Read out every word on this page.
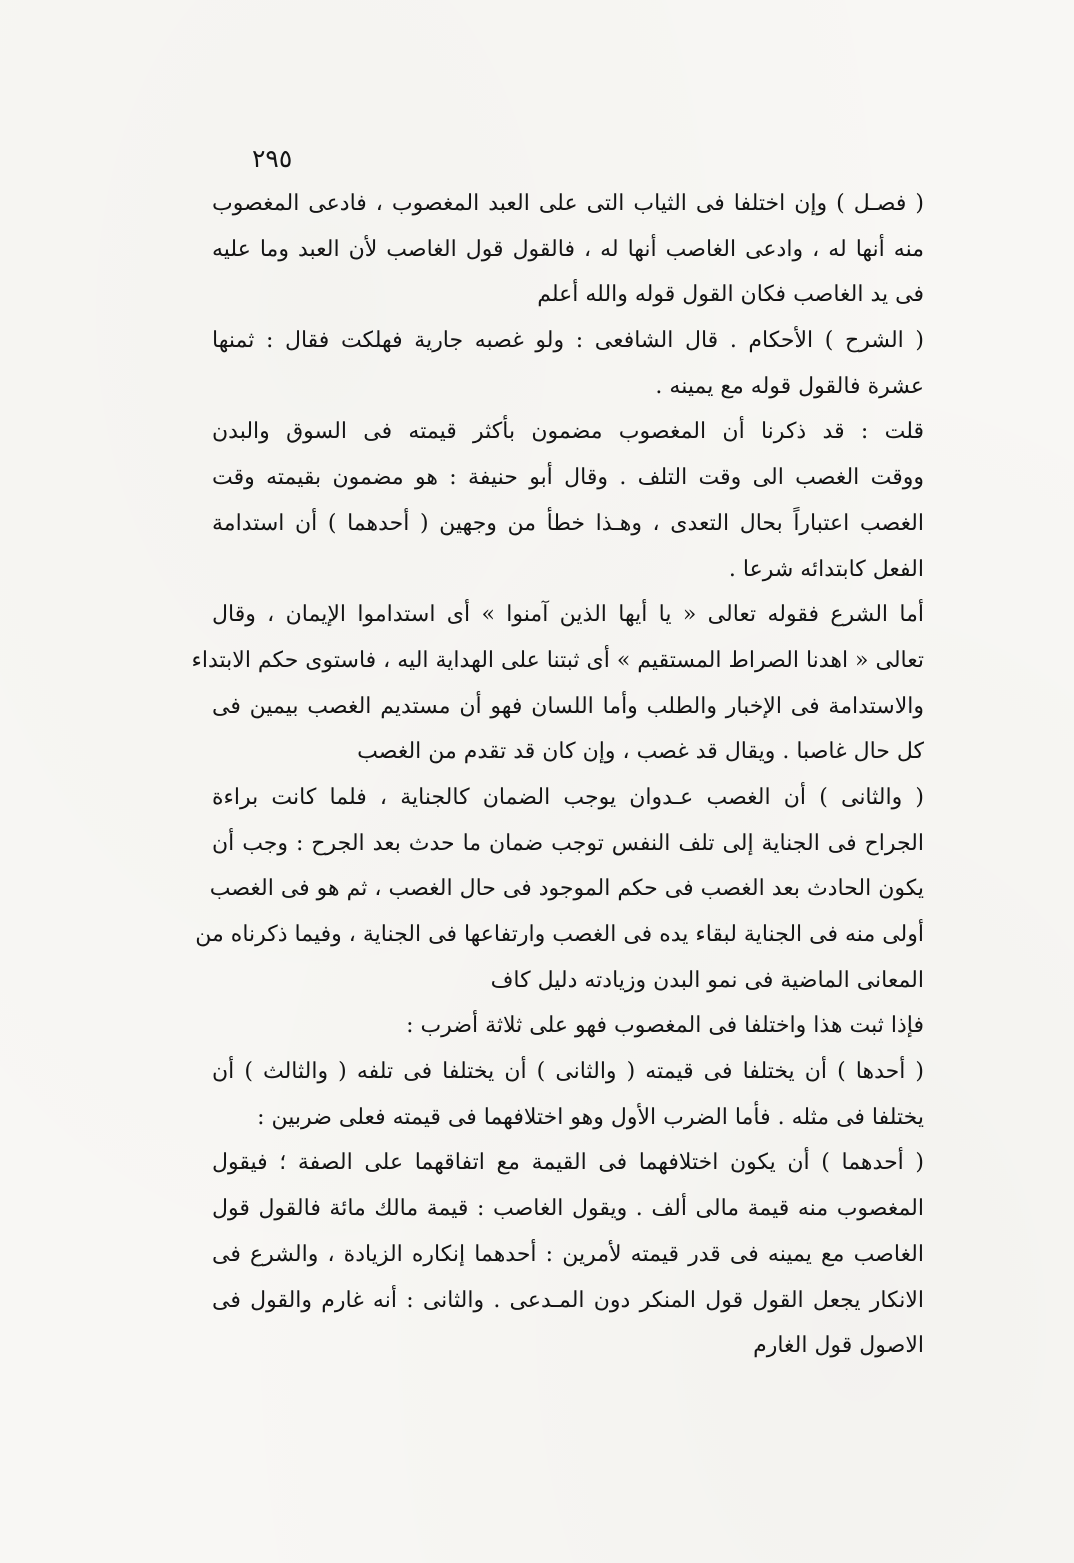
٢٩٥
( فصـل ) وإن اختلفا فى الثياب التى على العبد المغصوب ، فادعى المغصوب
منه أنها له ، وادعى الغاصب أنها له ، فالقول قول الغاصب لأن العبد وما عليه
فى يد الغاصب فكان القول قوله والله أعلم
( الشرح ) الأحكام . قال الشافعى : ولو غصبه جارية فهلكت فقال : ثمنها
عشرة فالقول قوله مع يمينه .
قلت : قد ذكرنا أن المغصوب مضمون بأكثر قيمته فى السوق والبدن
ووقت الغصب الى وقت التلف . وقال أبو حنيفة : هو مضمون بقيمته وقت
الغصب اعتباراً بحال التعدى ، وهـذا خطأ من وجهين ( أحدهما ) أن استدامة
الفعل كابتدائه شرعا .
أما الشرع فقوله تعالى « يا أيها الذين آمنوا » أى استداموا الإيمان ، وقال
تعالى « اهدنا الصراط المستقيم » أى ثبتنا على الهداية اليه ، فاستوى حكم الابتداء
والاستدامة فى الإخبار والطلب وأما اللسان فهو أن مستديم الغصب بيمين فى
كل حال غاصبا . ويقال قد غصب ، وإن كان قد تقدم من الغصب
( والثانى ) أن الغصب عـدوان يوجب الضمان كالجناية ، فلما كانت براءة
الجراح فى الجناية إلى تلف النفس توجب ضمان ما حدث بعد الجرح : وجب أن
يكون الحادث بعد الغصب فى حكم الموجود فى حال الغصب ، ثم هو فى الغصب
أولى منه فى الجناية لبقاء يده فى الغصب وارتفاعها فى الجناية ، وفيما ذكرناه من
المعانى الماضية فى نمو البدن وزيادته دليل كاف
فإذا ثبت هذا واختلفا فى المغصوب فهو على ثلاثة أضرب :
( أحدها ) أن يختلفا فى قيمته ( والثانى ) أن يختلفا فى تلفه ( والثالث ) أن
يختلفا فى مثله . فأما الضرب الأول وهو اختلافهما فى قيمته فعلى ضربين :
( أحدهما ) أن يكون اختلافهما فى القيمة مع اتفاقهما على الصفة ؛ فيقول
المغصوب منه قيمة مالى ألف . ويقول الغاصب : قيمة مالك مائة فالقول قول
الغاصب مع يمينه فى قدر قيمته لأمرين : أحدهما إنكاره الزيادة ، والشرع فى
الانكار يجعل القول قول المنكر دون المـدعى . والثانى : أنه غارم والقول فى
الاصول قول الغارم
